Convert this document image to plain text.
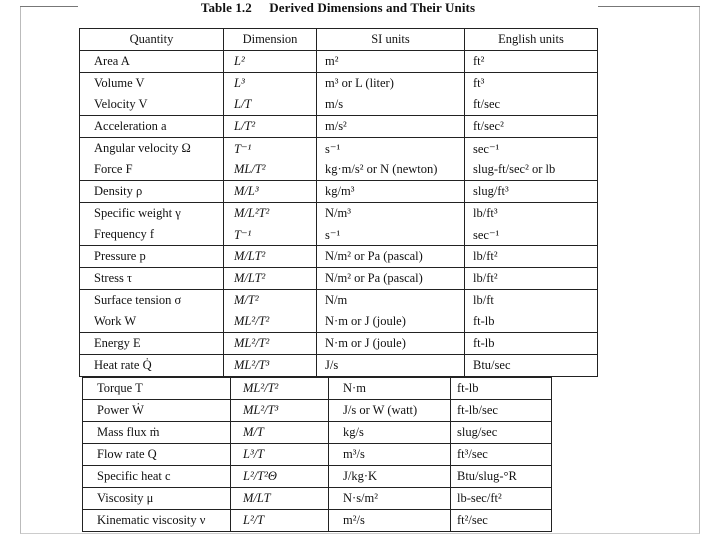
Table 1.2 Derived Dimensions and Their Units
Quantity	Dimension	SI units	English units
Area A	L²	m²	ft²
Volume V	L³	m³ or L (liter)	ft³
Velocity V	L/T	m/s	ft/sec
Acceleration a	L/T²	m/s²	ft/sec²
Angular velocity Ω	T⁻¹	s⁻¹	sec⁻¹
Force F	ML/T²	kg·m/s² or N (newton)	slug-ft/sec² or lb
Density ρ	M/L³	kg/m³	slug/ft³
Specific weight γ	M/L²T²	N/m³	lb/ft³
Frequency f	T⁻¹	s⁻¹	sec⁻¹
Pressure p	M/LT²	N/m² or Pa (pascal)	lb/ft²
Stress τ	M/LT²	N/m² or Pa (pascal)	lb/ft²
Surface tension σ	M/T²	N/m	lb/ft
Work W	ML²/T²	N·m or J (joule)	ft-lb
Energy E	ML²/T²	N·m or J (joule)	ft-lb
Heat rate Q̇	ML²/T³	J/s	Btu/sec
Torque T	ML²/T²	N·m	ft-lb
Power Ẇ	ML²/T³	J/s or W (watt)	ft-lb/sec
Mass flux ṁ	M/T	kg/s	slug/sec
Flow rate Q	L³/T	m³/s	ft³/sec
Specific heat c	L²/T²Θ	J/kg·K	Btu/slug-°R
Viscosity μ	M/LT	N·s/m²	lb-sec/ft²
Kinematic viscosity ν	L²/T	m²/s	ft²/sec
